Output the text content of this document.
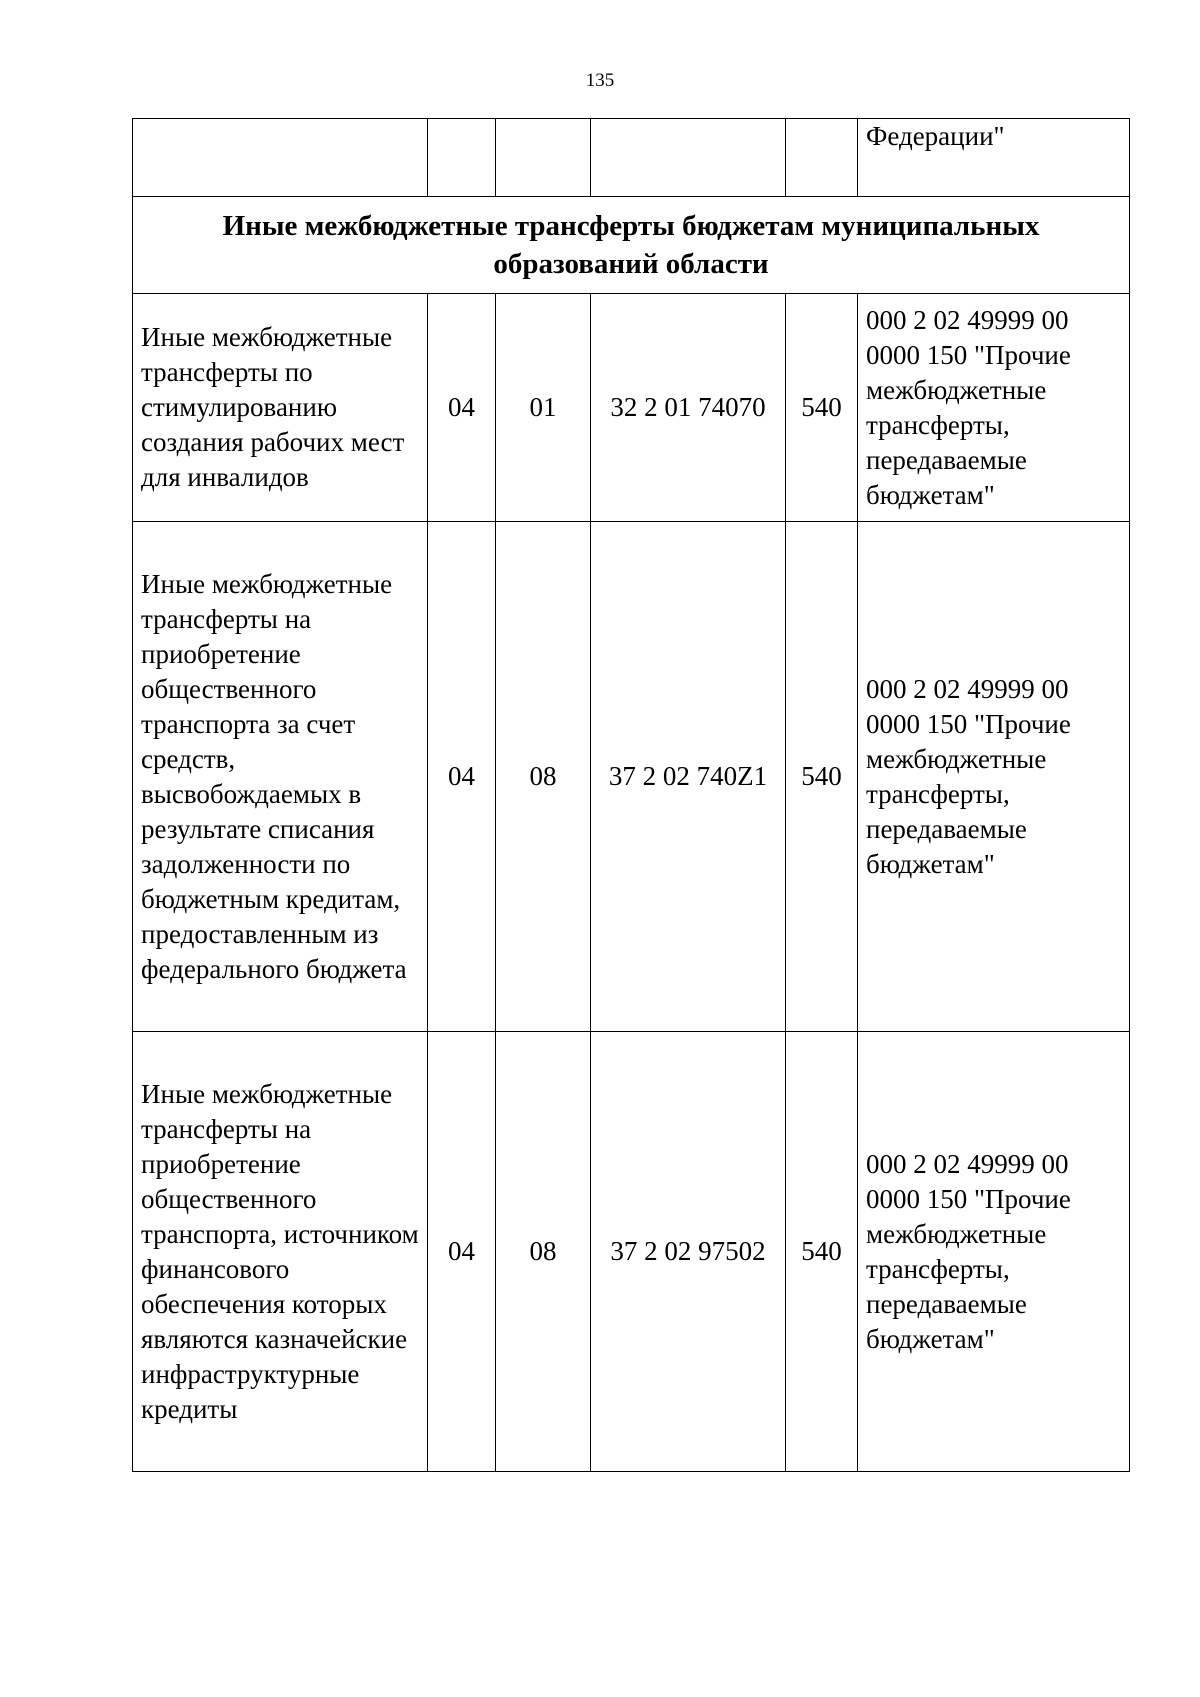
135
					Федерации"
Иные межбюджетные трансферты бюджетам муниципальных образований области					
Иные межбюджетные трансферты по стимулированию создания рабочих мест для инвалидов	04	01	32 2 01 74070	540	000 2 02 49999 00 0000 150 "Прочие межбюджетные трансферты, передаваемые бюджетам"
Иные межбюджетные трансферты на приобретение общественного транспорта за счет средств, высвобождаемых в результате списания задолженности по бюджетным кредитам, предоставленным из федерального бюджета	04	08	37 2 02 740Z1	540	000 2 02 49999 00 0000 150 "Прочие межбюджетные трансферты, передаваемые бюджетам"
Иные межбюджетные трансферты на приобретение общественного транспорта, источником финансового обеспечения которых являются казначейские инфраструктурные кредиты	04	08	37 2 02 97502	540	000 2 02 49999 00 0000 150 "Прочие межбюджетные трансферты, передаваемые бюджетам"
